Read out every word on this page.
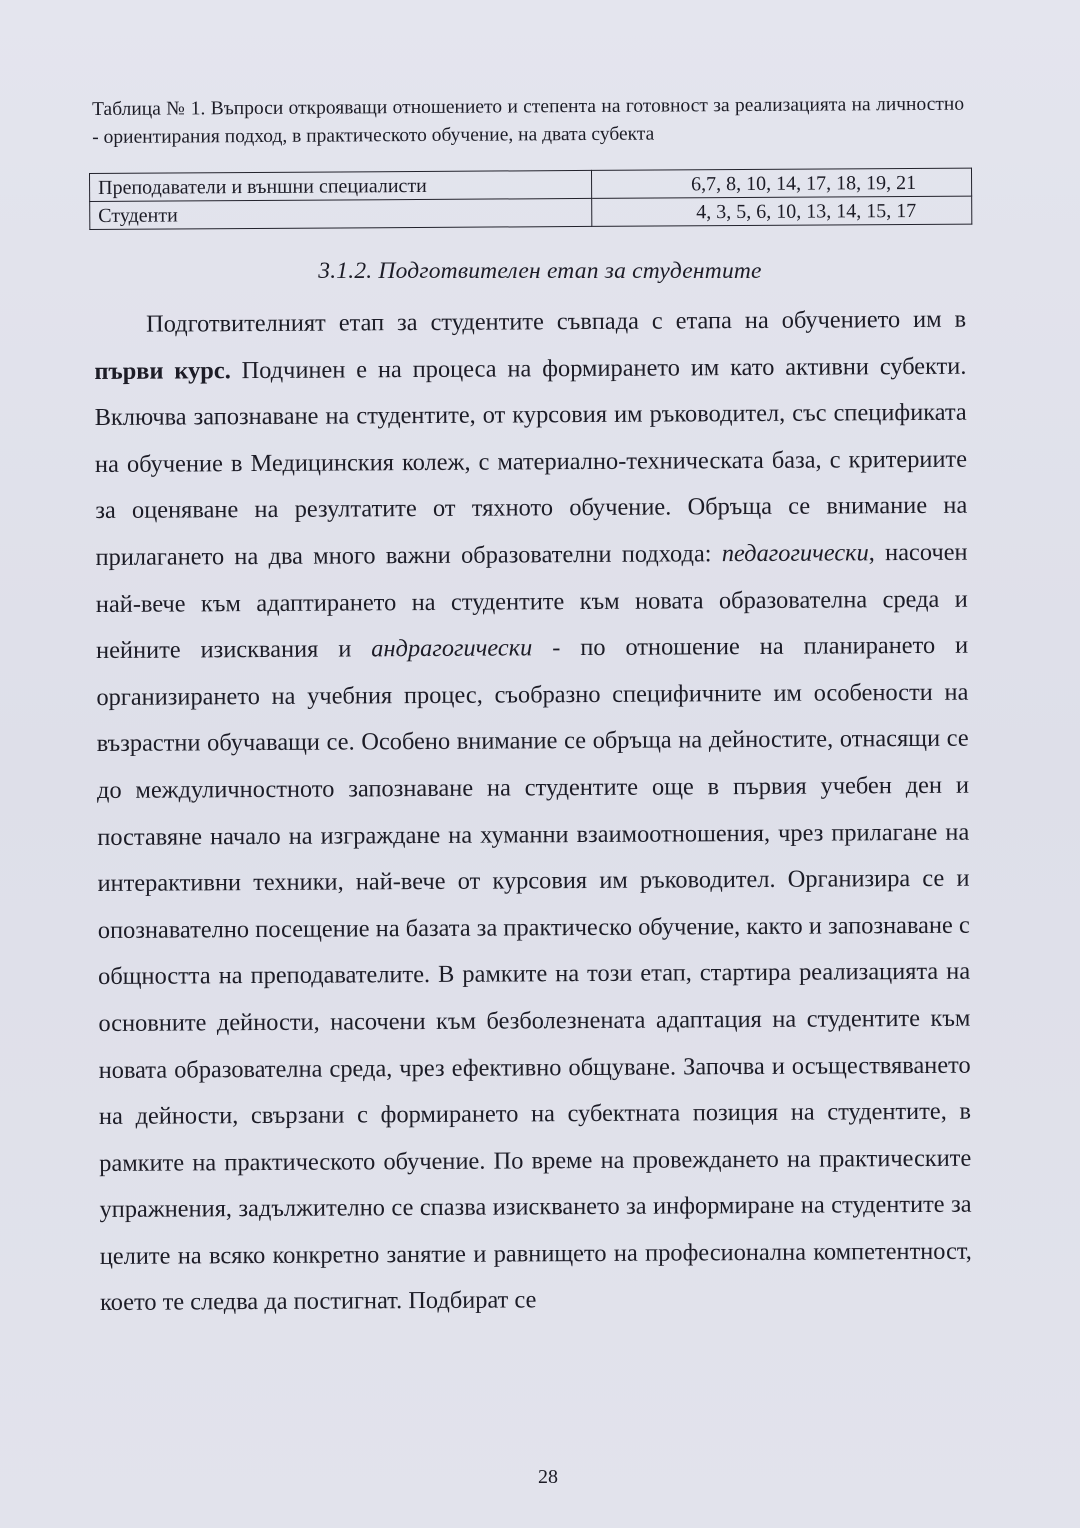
Таблица № 1. Въпроси открояващи отношението и степента на готовност за реализацията на личностно - ориентирания подход, в практическото обучение, на двата субекта
Преподаватели и външни специалисти	6,7, 8, 10, 14, 17, 18, 19, 21
Студенти	4, 3, 5, 6, 10, 13, 14, 15, 17
3.1.2. Подготвителен етап за студентите
Подготвителният етап за студентите съвпада с етапа на обучението им в първи курс. Подчинен е на процеса на формирането им като активни субекти. Включва запознаване на студентите, от курсовия им ръководител, със спецификата на обучение в Медицинския колеж, с материално-техническата база, с критериите за оценяване на резултатите от тяхното обучение. Обръща се внимание на прилагането на два много важни образователни подхода: педагогически, насочен най-вече към адаптирането на студентите към новата образователна среда и нейните изисквания и андрагогически - по отношение на планирането и организирането на учебния процес, съобразно специфичните им особености на възрастни обучаващи се. Особено внимание се обръща на дейностите, отнасящи се до междуличностното запознаване на студентите още в първия учебен ден и поставяне начало на изграждане на хуманни взаимоотношения, чрез прилагане на интерактивни техники, най-вече от курсовия им ръководител. Организира се и опознавателно посещение на базата за практическо обучение, както и запознаване с общността на преподавателите. В рамките на този етап, стартира реализацията на основните дейности, насочени към безболезнената адаптация на студентите към новата образователна среда, чрез ефективно общуване. Започва и осъществяването на дейности, свързани с формирането на субектната позиция на студентите, в рамките на практическото обучение. По време на провеждането на практическите упражнения, задължително се спазва изискването за информиране на студентите за целите на всяко конкретно занятие и равнището на професионална компетентност, което те следва да постигнат. Подбират се
28
